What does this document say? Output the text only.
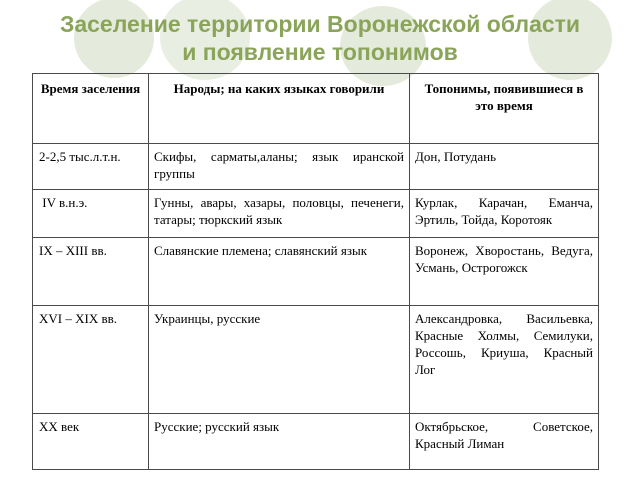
Заселение территории Воронежской области
и появление топонимов
Время заселения	Народы; на каких языках говорили	Топонимы, появившиеся в это время
2-2,5 тыс.л.т.н.	Скифы, сарматы,аланы; язык иранской группы	Дон, Потудань
IV в.н.э.	Гунны, авары, хазары, половцы, печенеги, татары; тюркский язык	Курлак, Карачан, Еманча, Эртиль, Тойда, Коротояк
IX – XIII вв.	Славянские племена; славянский язык	Воронеж, Хворостань, Ведуга, Усмань, Острогожск
XVI – XIX вв.	Украинцы, русские	Александровка, Васильевка, Красные Холмы, Семилуки, Россошь, Криуша, Красный Лог
XX век	Русские; русский язык	Октябрьское, Советское, Красный Лиман
